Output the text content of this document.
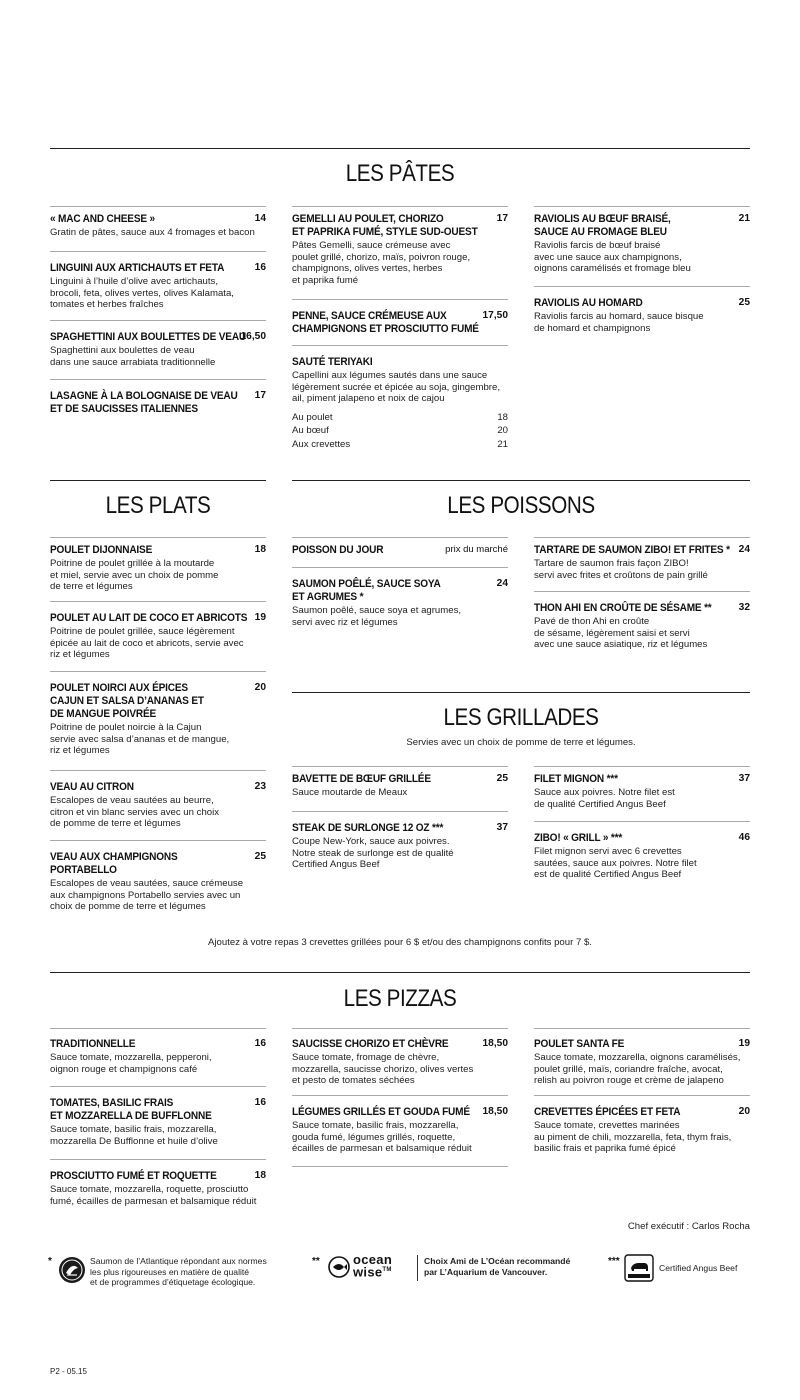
LES PÂTES
LES PLATS	LES POISSONS
LES GRILLADES
Servies avec un choix de pomme de terre et légumes.
Ajoutez à votre repas 3 crevettes grillées pour 6 $ et/ou des champignons confits pour 7 $.
LES PIZZAS
Chef exécutif : Carlos Rocha
*	Saumon de l’Atlantique répondant aux normes
les plus rigoureuses en matière de qualité
et de programmes d’étiquetage écologique.
**	ocean
wise™
Choix Ami de L’Océan recommandé
par L’Aquarium de Vancouver.
***
Certified Angus Beef
P2 - 05.15
« MAC AND CHEESE »	14
Gratin de pâtes, sauce aux 4 fromages et bacon
LINGUINI AUX ARTICHAUTS ET FETA	16
Linguini à l’huile d’olive avec artichauts,
brocoli, feta, olives vertes, olives Kalamata,
tomates et herbes fraîches
SPAGHETTINI AUX BOULETTES DE VEAU
16,50
Spaghettini aux boulettes de veau
dans une sauce arrabiata traditionnelle
LASAGNE À LA BOLOGNAISE DE VEAU
ET DE SAUCISSES ITALIENNES
17
GEMELLI AU POULET, CHORIZO
ET PAPRIKA FUMÉ, STYLE SUD-OUEST
17
Pâtes Gemelli, sauce crémeuse avec
poulet grillé, chorizo, maïs, poivron rouge,
champignons, olives vertes, herbes
et paprika fumé
PENNE, SAUCE CRÉMEUSE AUX
CHAMPIGNONS ET PROSCIUTTO FUMÉ
17,50
SAUTÉ TERIYAKI
Capellini aux légumes sautés dans une sauce
légèrement sucrée et épicée au soja, gingembre,
ail, piment jalapeno et noix de cajou
Au poulet	18
Au bœuf	20
Aux crevettes	21
RAVIOLIS AU BŒUF BRAISÉ,
SAUCE AU FROMAGE BLEU
21
Raviolis farcis de bœuf braisé
avec une sauce aux champignons,
oignons caramélisés et fromage bleu
RAVIOLIS AU HOMARD	25
Raviolis farcis au homard, sauce bisque
de homard et champignons
POULET DIJONNAISE	18
Poitrine de poulet grillée à la moutarde
et miel, servie avec un choix de pomme
de terre et légumes
POULET AU LAIT DE COCO ET ABRICOTS 19
Poitrine de poulet grillée, sauce légèrement
épicée au lait de coco et abricots, servie avec
riz et légumes
POULET NOIRCI AUX ÉPICES
CAJUN ET SALSA D’ANANAS ET
DE MANGUE POIVRÉE
20
Poitrine de poulet noircie à la Cajun
servie avec salsa d’ananas et de mangue,
riz et légumes
VEAU AU CITRON	23
Escalopes de veau sautées au beurre,
citron et vin blanc servies avec un choix
de pomme de terre et légumes
VEAU AUX CHAMPIGNONS
PORTABELLO
25
Escalopes de veau sautées, sauce crémeuse
aux champignons Portabello servies avec un
choix de pomme de terre et légumes
POISSON DU JOUR	prix du marché
SAUMON POÊLÉ, SAUCE SOYA
ET AGRUMES *
24
Saumon poêlé, sauce soya et agrumes,
servi avec riz et légumes
TARTARE DE SAUMON ZIBO! ET FRITES * 24
Tartare de saumon frais façon ZIBO!
servi avec frites et croûtons de pain grillé
THON AHI EN CROÛTE DE SÉSAME **	32
Pavé de thon Ahi en croûte
de sésame, légèrement saisi et servi
avec une sauce asiatique, riz et légumes
BAVETTE DE BŒUF GRILLÉE	25
Sauce moutarde de Meaux
STEAK DE SURLONGE 12 OZ ***	37
Coupe New-York, sauce aux poivres.
Notre steak de surlonge est de qualité
Certified Angus Beef
FILET MIGNON ***	37
Sauce aux poivres. Notre filet est
de qualité Certified Angus Beef
ZIBO! « GRILL » ***	46
Filet mignon servi avec 6 crevettes
sautées, sauce aux poivres. Notre filet
est de qualité Certified Angus Beef
TRADITIONNELLE	16
Sauce tomate, mozzarella, pepperoni,
oignon rouge et champignons café
TOMATES, BASILIC FRAIS
ET MOZZARELLA DE BUFFLONNE
16
Sauce tomate, basilic frais, mozzarella,
mozzarella De Bufflonne et huile d’olive
PROSCIUTTO FUMÉ ET ROQUETTE	18
Sauce tomate, mozzarella, roquette, prosciutto
fumé, écailles de parmesan et balsamique réduit
SAUCISSE CHORIZO ET CHÈVRE	18,50
Sauce tomate, fromage de chèvre,
mozzarella, saucisse chorizo, olives vertes
et pesto de tomates séchées
LÉGUMES GRILLÉS ET GOUDA FUMÉ	18,50
Sauce tomate, basilic frais, mozzarella,
gouda fumé, légumes grillés, roquette,
écailles de parmesan et balsamique réduit
POULET SANTA FE	19
Sauce tomate, mozzarella, oignons caramélisés,
poulet grillé, maïs, coriandre fraîche, avocat,
relish au poivron rouge et crème de jalapeno
CREVETTES ÉPICÉES ET FETA	20
Sauce tomate, crevettes marinées
au piment de chili, mozzarella, feta, thym frais,
basilic frais et paprika fumé épicé
